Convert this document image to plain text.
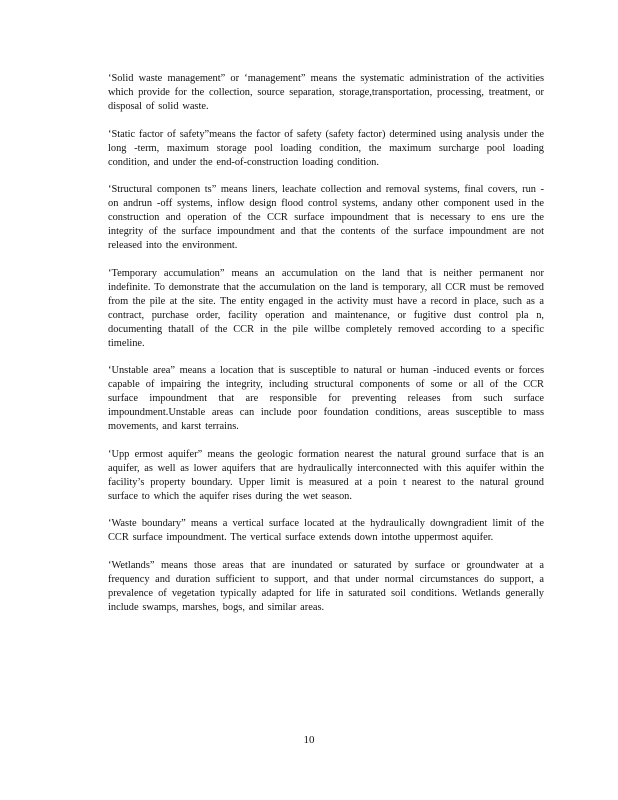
‘Solid waste management” or ‘management” means the systematic administration of the activities which provide for the collection, source separation, storage,transportation, processing, treatment, or disposal of solid waste.

‘Static factor of safety”means the factor of safety (safety factor) determined using analysis under the long -term, maximum storage pool loading condition, the maximum surcharge pool loading condition, and under the end-of-construction loading condition.

‘Structural componen ts” means liners, leachate collection and removal systems, final covers, run -on andrun -off systems, inflow design flood control systems, andany other component used in the construction and operation of the CCR surface impoundment that is necessary to ens ure the integrity of the surface impoundment and that the contents of the surface impoundment are not released into the environment.

‘Temporary accumulation” means an accumulation on the land that is neither permanent nor indefinite. To demonstrate that the accumulation on the land is temporary, all CCR must be removed from the pile at the site. The entity engaged in the activity must have a record in place, such as a contract, purchase order, facility operation and maintenance, or fugitive dust control pla n, documenting thatall of the CCR in the pile willbe completely removed according to a specific timeline.

‘Unstable area” means a location that is susceptible to natural or human -induced events or forces capable of impairing the integrity, including structural components of some or all of the CCR surface impoundment that are responsible for preventing releases from such surface impoundment.Unstable areas can include poor foundation conditions, areas susceptible to mass movements, and karst terrains.

‘Upp ermost aquifer” means the geologic formation nearest the natural ground surface that is an aquifer, as well as lower aquifers that are hydraulically interconnected with this aquifer within the facility’s property boundary. Upper limit is measured at a poin t nearest to the natural ground surface to which the aquifer rises during the wet season.

‘Waste boundary” means a vertical surface located at the hydraulically downgradient limit of the CCR surface impoundment. The vertical surface extends down intothe uppermost aquifer.

‘Wetlands” means those areas that are inundated or saturated by surface or groundwater at a frequency and duration sufficient to support, and that under normal circumstances do support, a prevalence of vegetation typically adapted for life in saturated soil conditions. Wetlands generally include swamps, marshes, bogs, and similar areas.

10
